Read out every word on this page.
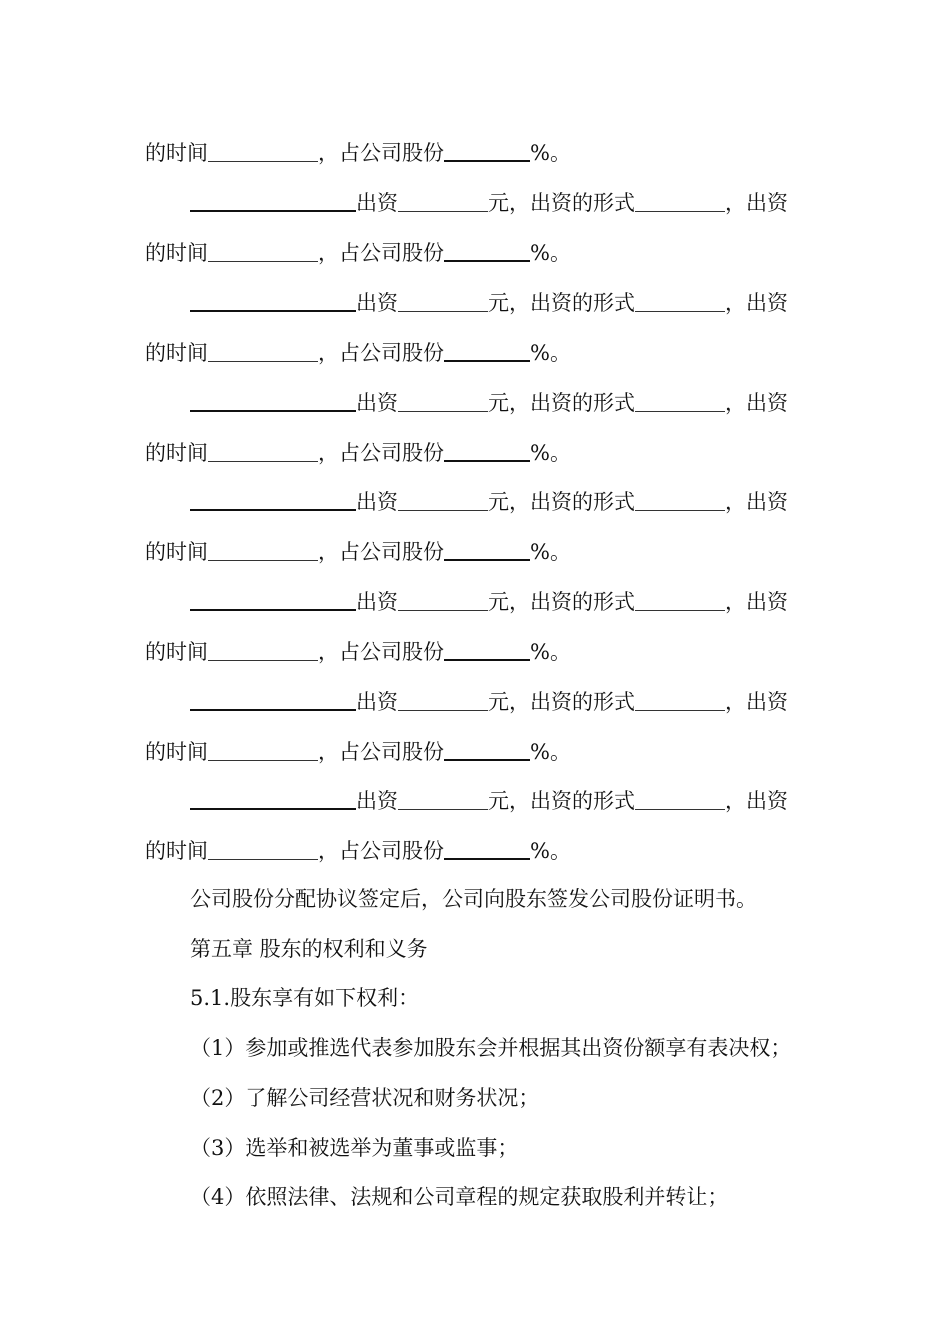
的时间	，占公司股份	%。
出资	元，出资的形式	，出资
的时间	，占公司股份	%。
出资	元，出资的形式	，出资
的时间	，占公司股份	%。
出资	元，出资的形式	，出资
的时间	，占公司股份	%。
出资	元，出资的形式	，出资
的时间	，占公司股份	%。
出资	元，出资的形式	，出资
的时间	，占公司股份	%。
出资	元，出资的形式	，出资
的时间	，占公司股份	%。
出资	元，出资的形式	，出资
的时间	，占公司股份	%。
公司股份分配协议签定后，公司向股东签发公司股份证明书。
第五章 股东的权利和义务
5.1.股东享有如下权利：
（1）参加或推选代表参加股东会并根据其出资份额享有表决权；
（2）了解公司经营状况和财务状况；
（3）选举和被选举为董事或监事；
（4）依照法律、法规和公司章程的规定获取股利并转让；
